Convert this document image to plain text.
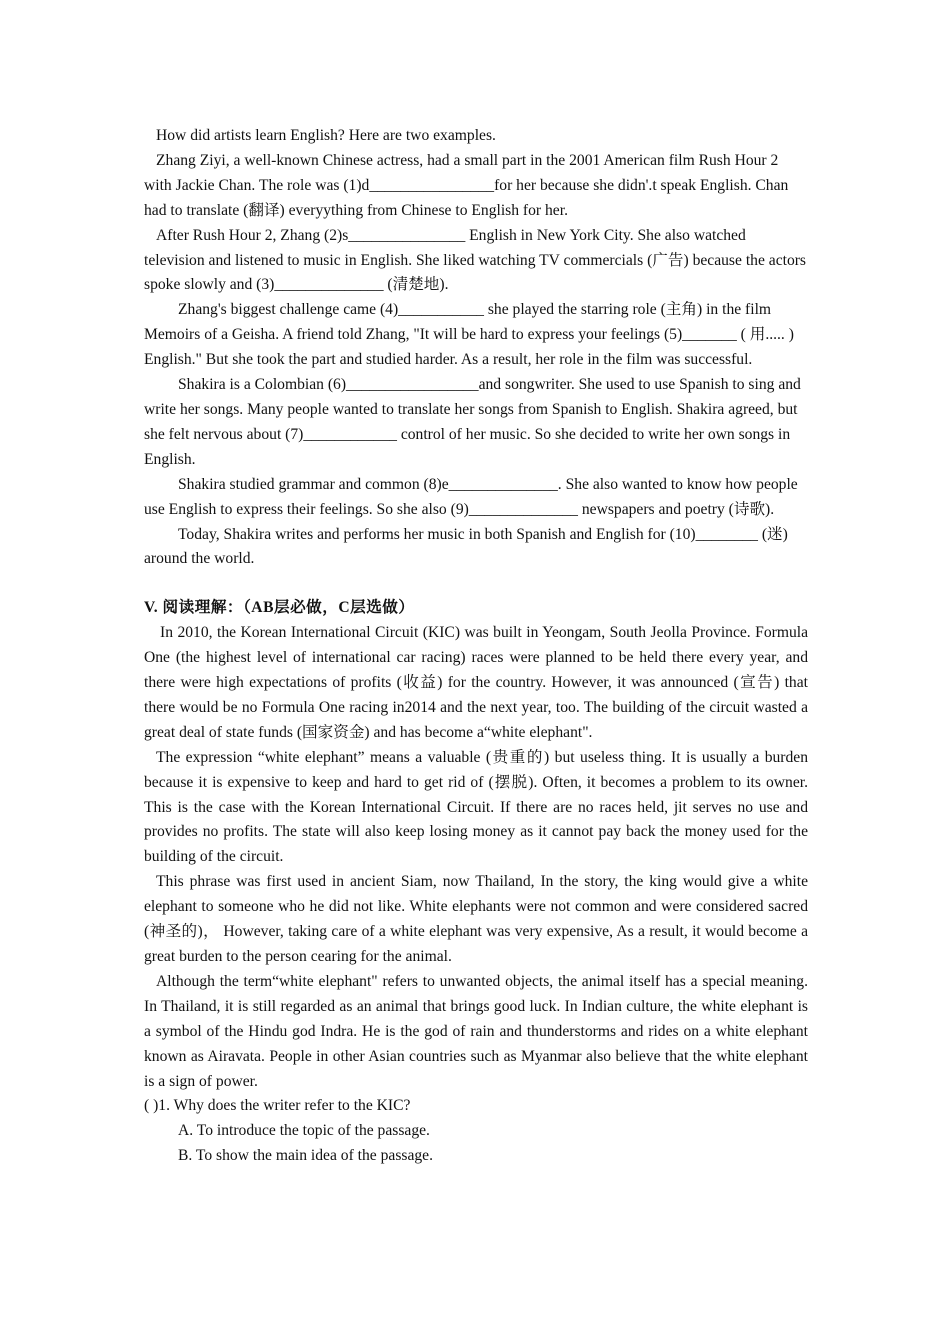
How did artists learn English? Here are two examples.

Zhang Ziyi, a well-known Chinese actress, had a small part in the 2001 American film Rush Hour 2 with Jackie Chan. The role was (1)d________________for her because she didn'.t speak English. Chan had to translate (翻译) everyything from Chinese to English for her.

After Rush Hour 2, Zhang (2)s_______________ English in New York City. She also watched television and listened to music in English. She liked watching TV commercials (广告) because the actors spoke slowly and (3)______________ (清楚地).

Zhang's biggest challenge came (4)___________ she played the starring role (主角) in the film Memoirs of a Geisha. A friend told Zhang, "It will be hard to express your feelings (5)_______ ( 用..... ) English." But she took the part and studied harder. As a result, her role in the film was successful.

Shakira is a Colombian (6)_________________and songwriter. She used to use Spanish to sing and write her songs. Many people wanted to translate her songs from Spanish to English. Shakira agreed, but she felt nervous about (7)____________ control of her music. So she decided to write her own songs in English.

Shakira studied grammar and common (8)e______________. She also wanted to know how people use English to express their feelings. So she also (9)______________ newspapers and poetry (诗歌).

Today, Shakira writes and performs her music in both Spanish and English for (10)________ (迷) around the world.

V. 阅读理解：（AB层必做，C层选做）

In 2010, the Korean International Circuit (KIC) was built in Yeongam, South Jeolla Province. Formula One (the highest level of international car racing) races were planned to be held there every year, and there were high expectations of profits (收益) for the country. However, it was announced (宣告) that there would be no Formula One racing in2014 and the next year, too. The building of the circuit wasted a great deal of state funds (国家资金) and has become a“white elephant".

The expression “white elephant” means a valuable (贵重的) but useless thing. It is usually a burden because it is expensive to keep and hard to get rid of (摆脱). Often, it becomes a problem to its owner. This is the case with the Korean International Circuit. If there are no races held, jit serves no use and provides no profits. The state will also keep losing money as it cannot pay back the money used for the building of the circuit.

This phrase was first used in ancient Siam, now Thailand, In the story, the king would give a white elephant to someone who he did not like. White elephants were not common and were considered sacred (神圣的)， However, taking care of a white elephant was very expensive, As a result, it would become a great burden to the person cearing for the animal.

Although the term“white elephant" refers to unwanted objects, the animal itself has a special meaning. In Thailand, it is still regarded as an animal that brings good luck. In Indian culture, the white elephant is a symbol of the Hindu god Indra. He is the god of rain and thunderstorms and rides on a white elephant known as Airavata. People in other Asian countries such as Myanmar also believe that the white elephant is a sign of power.

( )1. Why does the writer refer to the KIC?

A. To introduce the topic of the passage.

B. To show the main idea of the passage.
